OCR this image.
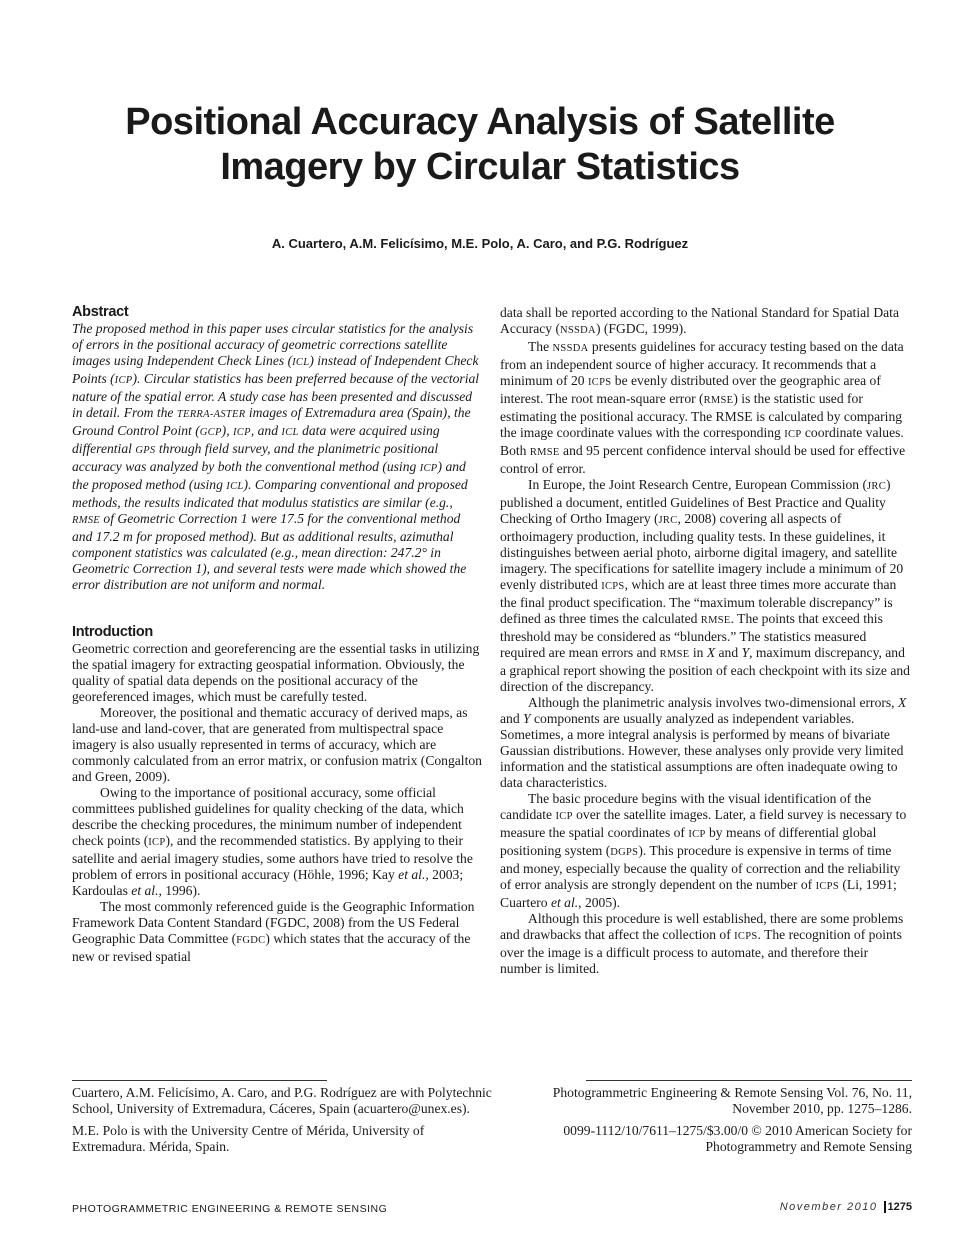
Positional Accuracy Analysis of Satellite
Imagery by Circular Statistics
A. Cuartero, A.M. Felicísimo, M.E. Polo, A. Caro, and P.G. Rodríguez
Abstract

The proposed method in this paper uses circular statistics for the analysis of errors in the positional accuracy of geometric corrections satellite images using Independent Check Lines (ICL) instead of Independent Check Points (ICP). Circular statistics has been preferred because of the vectorial nature of the spatial error. A study case has been presented and discussed in detail. From the TERRA-ASTER images of Extremadura area (Spain), the Ground Control Point (GCP), ICP, and ICL data were acquired using differential GPS through field survey, and the planimetric positional accuracy was analyzed by both the conventional method (using ICP) and the proposed method (using ICL). Comparing conventional and proposed methods, the results indicated that modulus statistics are similar (e.g., RMSE of Geometric Correction 1 were 17.5 for the conventional method and 17.2 m for proposed method). But as additional results, azimuthal component statistics was calculated (e.g., mean direction: 247.2° in Geometric Correction 1), and several tests were made which showed the error distribution are not uniform and normal.

Introduction

Geometric correction and georeferencing are the essential tasks in utilizing the spatial imagery for extracting geospatial information. Obviously, the quality of spatial data depends on the positional accuracy of the georeferenced images, which must be carefully tested.

Moreover, the positional and thematic accuracy of derived maps, as land-use and land-cover, that are generated from multispectral space imagery is also usually represented in terms of accuracy, which are commonly calculated from an error matrix, or confusion matrix (Congalton and Green, 2009).

Owing to the importance of positional accuracy, some official committees published guidelines for quality checking of the data, which describe the checking procedures, the minimum number of independent check points (ICP), and the recommended statistics. By applying to their satellite and aerial imagery studies, some authors have tried to resolve the problem of errors in positional accuracy (Höhle, 1996; Kay et al., 2003; Kardoulas et al., 1996).

The most commonly referenced guide is the Geographic Information Framework Data Content Standard (FGDC, 2008) from the US Federal Geographic Data Committee (FGDC) which states that the accuracy of the new or revised spatial

data shall be reported according to the National Standard for Spatial Data Accuracy (NSSDA) (FGDC, 1999).

The NSSDA presents guidelines for accuracy testing based on the data from an independent source of higher accuracy. It recommends that a minimum of 20 ICPS be evenly distributed over the geographic area of interest. The root mean-square error (RMSE) is the statistic used for estimating the positional accuracy. The RMSE is calculated by comparing the image coordinate values with the corresponding ICP coordinate values. Both RMSE and 95 percent confidence interval should be used for effective control of error.

In Europe, the Joint Research Centre, European Commission (JRC) published a document, entitled Guidelines of Best Practice and Quality Checking of Ortho Imagery (JRC, 2008) covering all aspects of orthoimagery production, including quality tests. In these guidelines, it distinguishes between aerial photo, airborne digital imagery, and satellite imagery. The specifications for satellite imagery include a minimum of 20 evenly distributed ICPS, which are at least three times more accurate than the final product specification. The “maximum tolerable discrepancy” is defined as three times the calculated RMSE. The points that exceed this threshold may be considered as “blunders.” The statistics measured required are mean errors and RMSE in X and Y, maximum discrepancy, and a graphical report showing the position of each checkpoint with its size and direction of the discrepancy.

Although the planimetric analysis involves two-dimensional errors, X and Y components are usually analyzed as independent variables. Sometimes, a more integral analysis is performed by means of bivariate Gaussian distributions. However, these analyses only provide very limited information and the statistical assumptions are often inadequate owing to data characteristics.

The basic procedure begins with the visual identification of the candidate ICP over the satellite images. Later, a field survey is necessary to measure the spatial coordinates of ICP by means of differential global positioning system (DGPS). This procedure is expensive in terms of time and money, especially because the quality of correction and the reliability of error analysis are strongly dependent on the number of ICPS (Li, 1991; Cuartero et al., 2005).

Although this procedure is well established, there are some problems and drawbacks that affect the collection of ICPS. The recognition of points over the image is a difficult process to automate, and therefore their number is limited.

Cuartero, A.M. Felicísimo, A. Caro, and P.G. Rodríguez are with Polytechnic School, University of Extremadura, Cáceres, Spain (acuartero@unex.es).

M.E. Polo is with the University Centre of Mérida, University of Extremadura. Mérida, Spain.

Photogrammetric Engineering & Remote Sensing Vol. 76, No. 11, November 2010, pp. 1275–1286.

0099-1112/10/7611–1275/$3.00/0 © 2010 American Society for Photogrammetry and Remote Sensing

PHOTOGRAMMETRIC ENGINEERING & REMOTE SENSING	November 2010 1275
